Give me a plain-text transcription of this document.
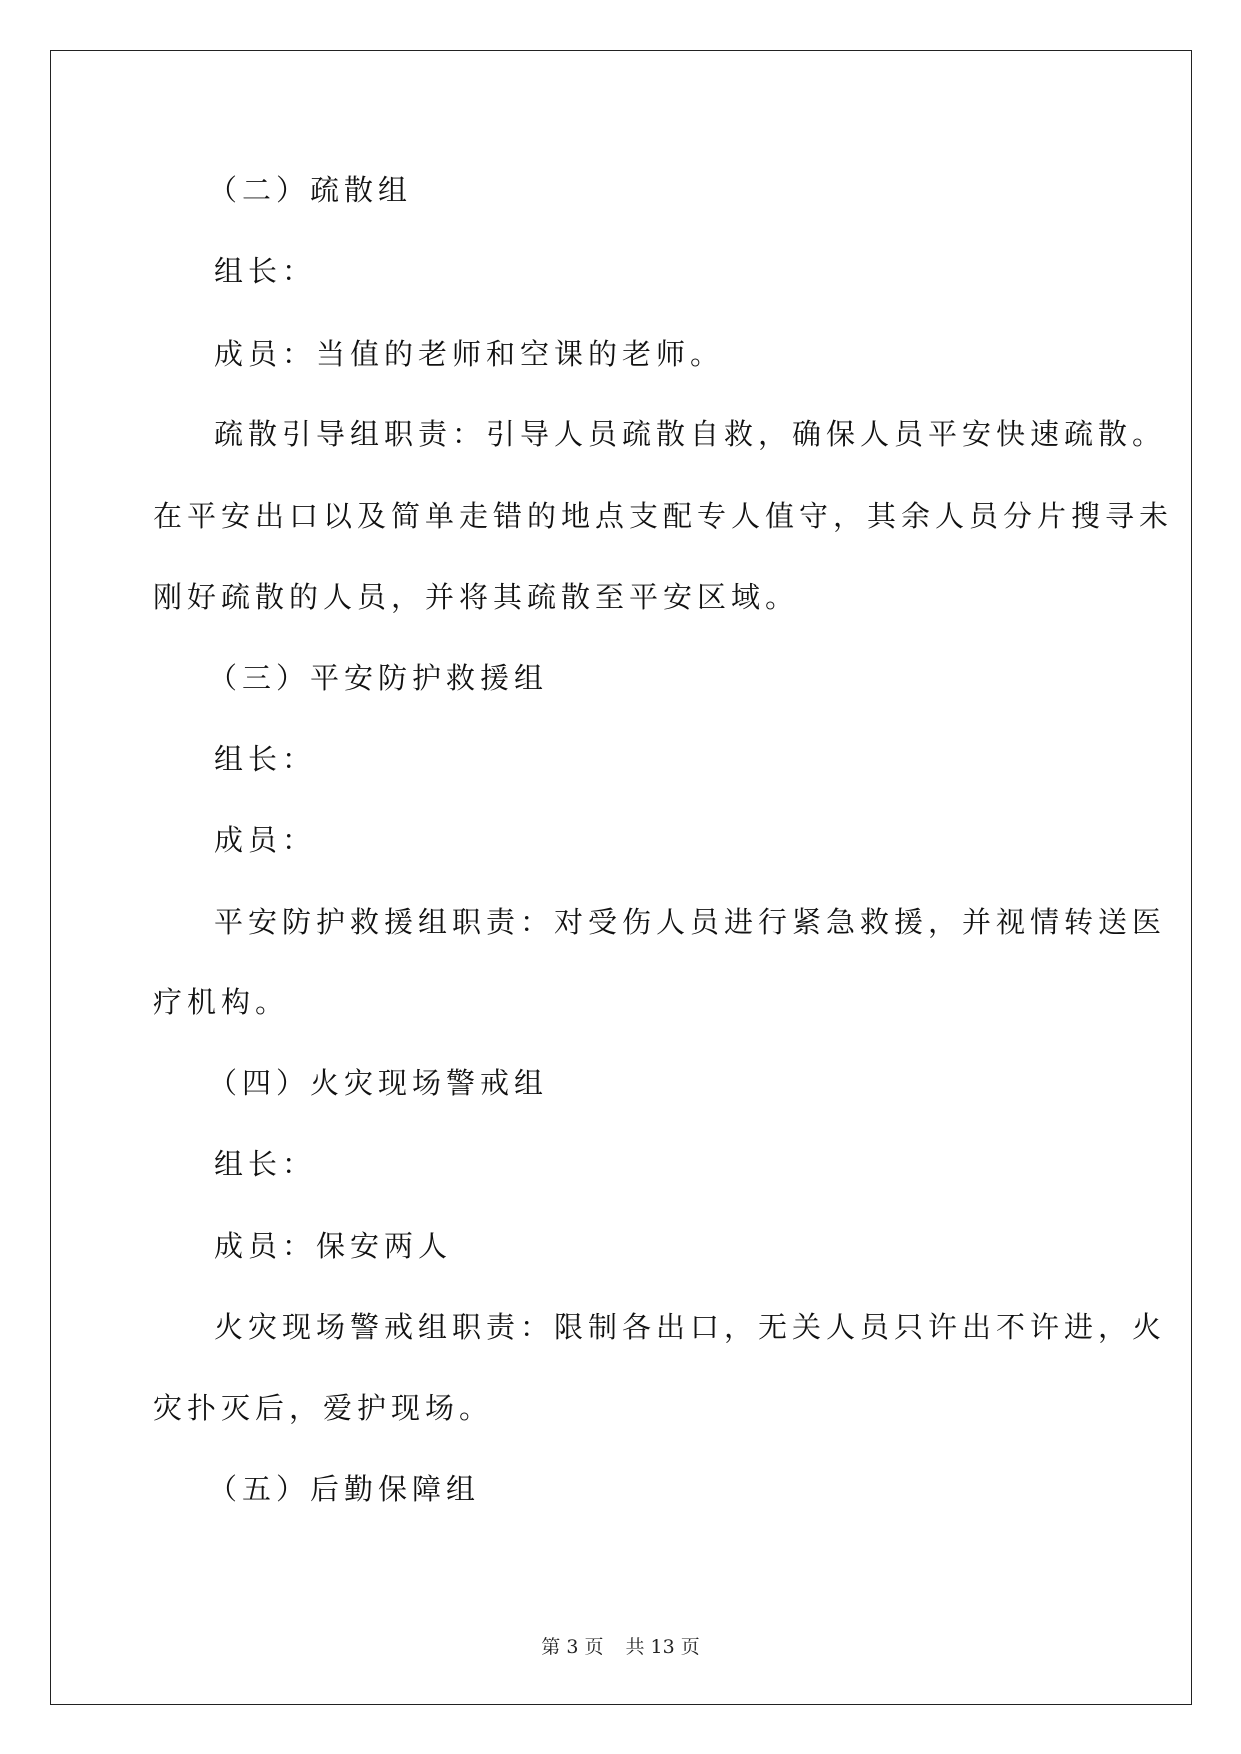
（二）疏散组
组长：
成员：当值的老师和空课的老师。
疏散引导组职责：引导人员疏散自救，确保人员平安快速疏散。
在平安出口以及简单走错的地点支配专人值守，其余人员分片搜寻未
刚好疏散的人员，并将其疏散至平安区域。
（三）平安防护救援组
组长：
成员：
平安防护救援组职责：对受伤人员进行紧急救援，并视情转送医
疗机构。
（四）火灾现场警戒组
组长：
成员：保安两人
火灾现场警戒组职责：限制各出口，无关人员只许出不许进，火
灾扑灭后，爱护现场。
（五）后勤保障组
第 3 页 共 13 页
